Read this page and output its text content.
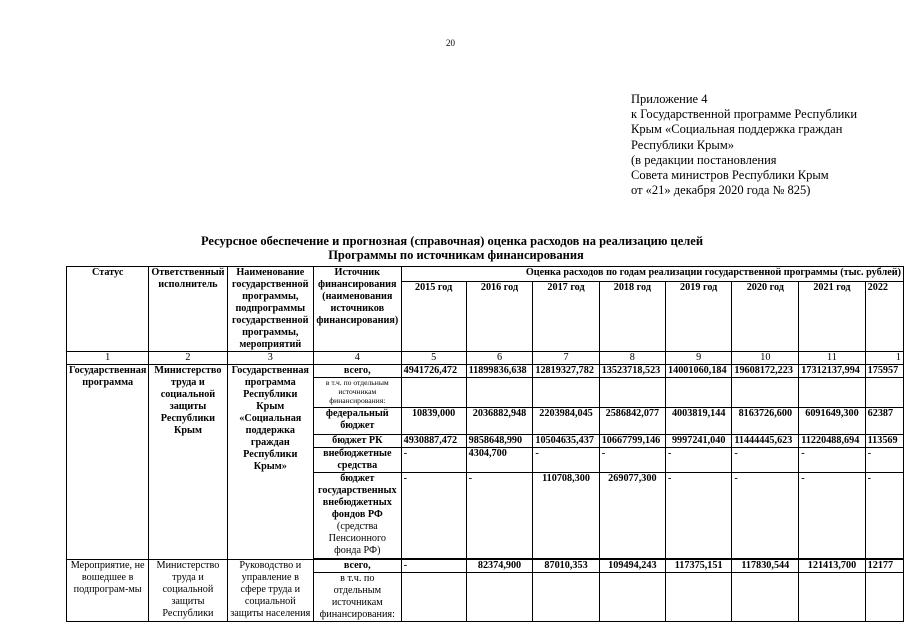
20
Приложение 4
к Государственной программе Республики
Крым «Социальная поддержка граждан
Республики Крым»
(в редакции постановления
Совета министров Республики Крым
от «21» декабря 2020 года № 825)
Ресурсное обеспечение и прогнозная (справочная) оценка расходов на реализацию целей
Программы по источникам финансирования
Статус	Ответственный исполнитель	Наименование государственной программы, подпрограммы государственной программы, мероприятий	Источник финансирования (наименования источников финансирования)	Оценка расходов по годам реализации государственной программы (тыс. рублей)							
				2015 год	2016 год	2017 год	2018 год	2019 год	2020 год	2021 год	2022
1	2	3	4	5	6	7	8	9	10	11	1
Государственная программа	Министерство труда и социальной защиты Республики Крым	Государственная программа Республики Крым «Социальная поддержка граждан Республики Крым»	всего,	4941726,472	11899836,638	12819327,782	13523718,523	14001060,184	19608172,223	17312137,994	175957
			в т.ч. по отдельным источникам финансирования:								
			федеральный бюджет	10839,000	2036882,948	2203984,045	2586842,077	4003819,144	8163726,600	6091649,300	62387
			бюджет РК	4930887,472	9858648,990	10504635,437	10667799,146	9997241,040	11444445,623	11220488,694	113569
			внебюджетные средства	-	4304,700	-	-	-	-	-	-
			бюджет государственных внебюджетных фондов РФ (средства Пенсионного фонда РФ)	-	-	110708,300	269077,300	-	-	-	-

Мероприятие, не вошедшее в подпрограм-мы	Министерство труда и социальной защиты Республики	Руководство и управление в сфере труда и социальной защиты населения	всего,	-	82374,900	87010,353	109494,243	117375,151	117830,544	121413,700	12177
			в т.ч. по отдельным источникам финансирования:								
